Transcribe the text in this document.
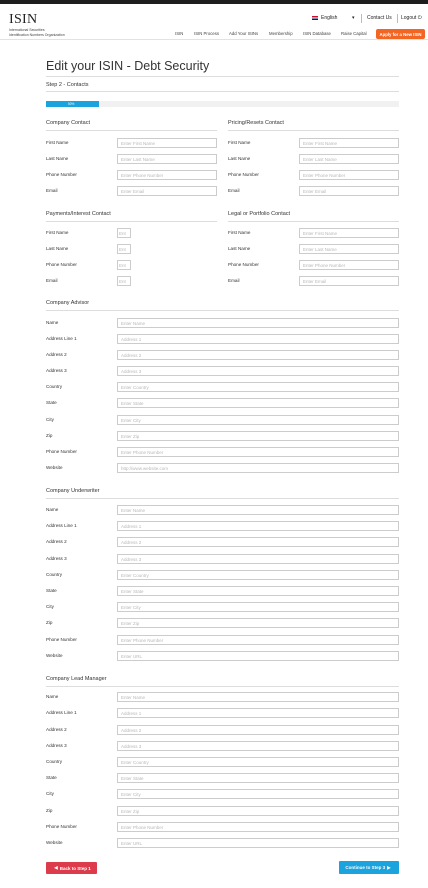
ISIN
International Securities
Identification Numbers Organization
English	▾ Contact Us Logout ⏻
ISIN ISIN Process Add Your ISINs	Membership ISIN Database Raise Capital	Apply for a New ISIN
Edit your ISIN - Debt Security
Step 2 - Contacts
50%
Company Contact
First Name
Enter First Name
Last Name
Enter Last Name
Phone Number
Enter Phone Number
Email
Enter Email
Pricing/Resets Contact
First Name
Enter First Name
Last Name
Enter Last Name
Phone Number
Enter Phone Number
Email
Enter Email
Payments/Interest Contact
First Name
Ent
Last Name
Ent
Phone Number
Ent
Email
Ent
Legal or Portfolio Contact
First Name
Enter First Name
Last Name
Enter Last Name
Phone Number
Enter Phone Number
Email
Enter Email
Company Advisor
Name
Enter Name
Address Line 1
Address 1
Address 2
Address 2
Address 3
Address 3
Country
Enter Country
State
Enter State
City
Enter City
Zip
Enter Zip
Phone Number
Enter Phone Number
Website
http://www.website.com
Company Underwriter
Name
Enter Name
Address Line 1
Address 1
Address 2
Address 2
Address 3
Address 3
Country
Enter Country
State
Enter State
City
Enter City
Zip
Enter Zip
Phone Number
Enter Phone Number
Website
Enter URL
Company Lead Manager
Name
Enter Name
Address Line 1
Address 1
Address 2
Address 2
Address 3
Address 3
Country
Enter Country
State
Enter State
City
Enter City
Zip
Enter Zip
Phone Number
Enter Phone Number
Website
Enter URL
◀ Back to Step 1	Continue to Step 3 ▶
